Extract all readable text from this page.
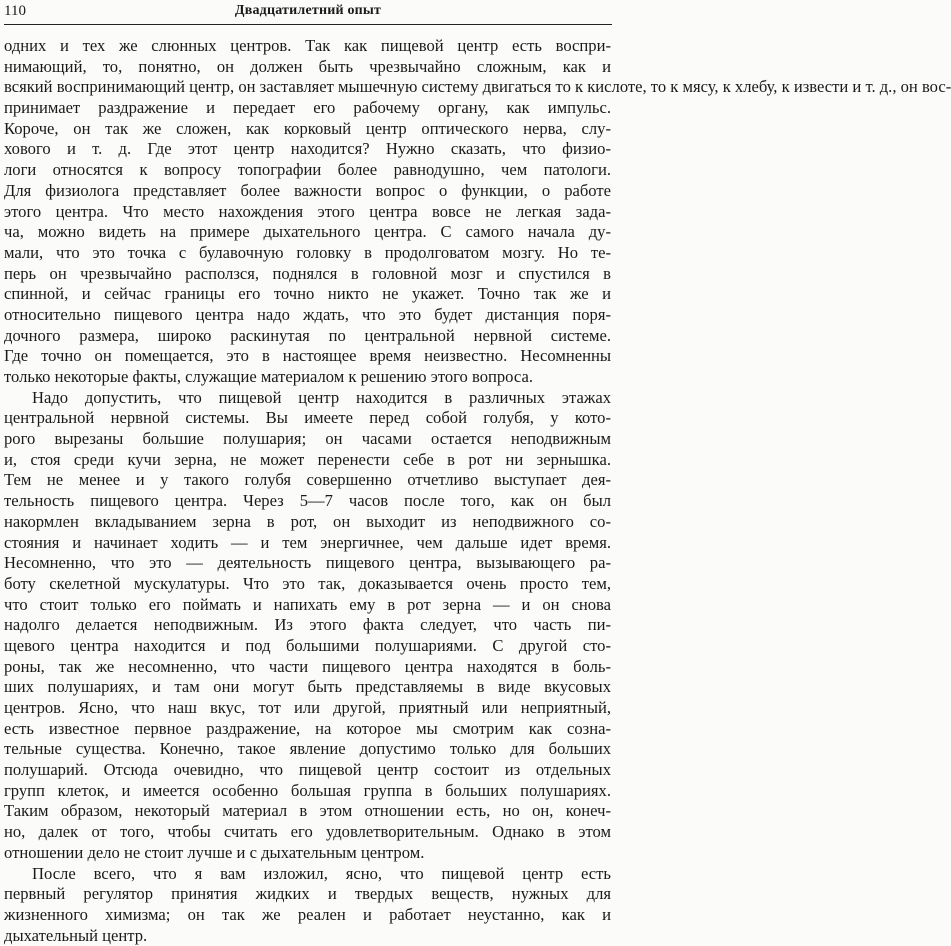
110	Двадцатилетний опыт
одних и тех же слюнных центров. Так как пищевой центр есть воспри-
нимающий, то, понятно, он должен быть чрезвычайно сложным, как и
всякий воспринимающий центр, он заставляет мышечную систему двигаться то к кислоте, то к мясу, к хлебу, к извести и т. д., он вос-
принимает раздражение и передает его рабочему органу, как импульс.
Короче, он так же сложен, как корковый центр оптического нерва, слу-
хового и т. д. Где этот центр находится? Нужно сказать, что физио-
логи относятся к вопросу топографии более равнодушно, чем патологи.
Для физиолога представляет более важности вопрос о функции, о работе
этого центра. Что место нахождения этого центра вовсе не легкая зада-
ча, можно видеть на примере дыхательного центра. С самого начала ду-
мали, что это точка с булавочную головку в продолговатом мозгу. Но те-
перь он чрезвычайно расползся, поднялся в головной мозг и спустился в
спинной, и сейчас границы его точно никто не укажет. Точно так же и
относительно пищевого центра надо ждать, что это будет дистанция поря-
дочного размера, широко раскинутая по центральной нервной системе.
Где точно он помещается, это в настоящее время неизвестно. Несомненны
только некоторые факты, служащие материалом к решению этого вопроса.
Надо допустить, что пищевой центр находится в различных этажах
центральной нервной системы. Вы имеете перед собой голубя, у кото-
рого вырезаны большие полушария; он часами остается неподвижным
и, стоя среди кучи зерна, не может перенести себе в рот ни зернышка.
Тем не менее и у такого голубя совершенно отчетливо выступает дея-
тельность пищевого центра. Через 5—7 часов после того, как он был
накормлен вкладыванием зерна в рот, он выходит из неподвижного со-
стояния и начинает ходить — и тем энергичнее, чем дальше идет время.
Несомненно, что это — деятельность пищевого центра, вызывающего ра-
боту скелетной мускулатуры. Что это так, доказывается очень просто тем,
что стоит только его поймать и напихать ему в рот зерна — и он снова
надолго делается неподвижным. Из этого факта следует, что часть пи-
щевого центра находится и под большими полушариями. С другой сто-
роны, так же несомненно, что части пищевого центра находятся в боль-
ших полушариях, и там они могут быть представляемы в виде вкусовых
центров. Ясно, что наш вкус, тот или другой, приятный или неприятный,
есть известное первное раздражение, на которое мы смотрим как созна-
тельные существа. Конечно, такое явление допустимо только для больших
полушарий. Отсюда очевидно, что пищевой центр состоит из отдельных
групп клеток, и имеется особенно большая группа в больших полушариях.
Таким образом, некоторый материал в этом отношении есть, но он, конеч-
но, далек от того, чтобы считать его удовлетворительным. Однако в этом
отношении дело не стоит лучше и с дыхательным центром.
После всего, что я вам изложил, ясно, что пищевой центр есть
первный регулятор принятия жидких и твердых веществ, нужных для
жизненного химизма; он так же реален и работает неустанно, как и
дыхательный центр.
